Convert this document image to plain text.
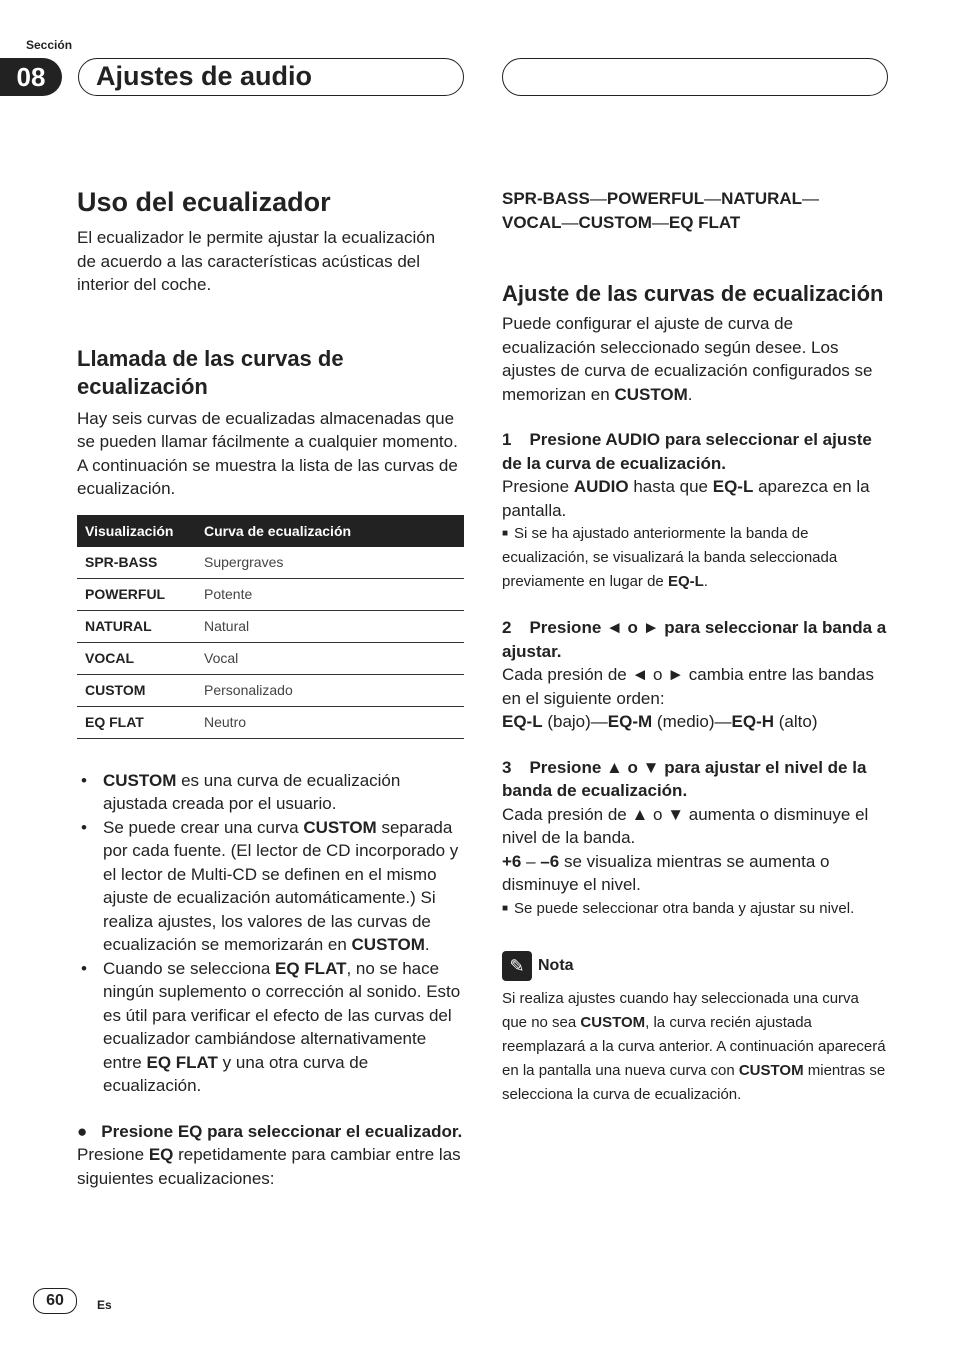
Sección
08	Ajustes de audio
Uso del ecualizador

El ecualizador le permite ajustar la ecualización de acuerdo a las características acústicas del interior del coche.

Llamada de las curvas de ecualización

Hay seis curvas de ecualizadas almacenadas que se pueden llamar fácilmente a cualquier momento. A continuación se muestra la lista de las curvas de ecualización.

Visualización	Curva de ecualización
SPR-BASS	Supergraves
POWERFUL	Potente
NATURAL	Natural
VOCAL	Vocal
CUSTOM	Personalizado
EQ FLAT	Neutro
• CUSTOM es una curva de ecualización ajustada creada por el usuario.
• Se puede crear una curva CUSTOM separada por cada fuente. (El lector de CD incorporado y el lector de Multi-CD se definen en el mismo ajuste de ecualización automáticamente.) Si realiza ajustes, los valores de las curvas de ecualización se memorizarán en CUSTOM.
• Cuando se selecciona EQ FLAT, no se hace ningún suplemento o corrección al sonido. Esto es útil para verificar el efecto de las curvas del ecualizador cambiándose alternativamente entre EQ FLAT y una otra curva de ecualización.
● Presione EQ para seleccionar el ecualizador.

Presione EQ repetidamente para cambiar entre las siguientes ecualizaciones:

SPR-BASS—POWERFUL—NATURAL—
VOCAL—CUSTOM—EQ FLAT

Ajuste de las curvas de ecualización

Puede configurar el ajuste de curva de ecualización seleccionado según desee. Los ajustes de curva de ecualización configurados se memorizan en CUSTOM.

1 Presione AUDIO para seleccionar el ajuste de la curva de ecualización.

Presione AUDIO hasta que EQ-L aparezca en la pantalla.

■ Si se ha ajustado anteriormente la banda de ecualización, se visualizará la banda seleccionada previamente en lugar de EQ-L.

2 Presione ◄ o ► para seleccionar la banda a ajustar.

Cada presión de ◄ o ► cambia entre las bandas en el siguiente orden:

EQ-L (bajo)—EQ-M (medio)—EQ-H (alto)

3 Presione ▲ o ▼ para ajustar el nivel de la banda de ecualización.

Cada presión de ▲ o ▼ aumenta o disminuye el nivel de la banda.

+6 – –6 se visualiza mientras se aumenta o disminuye el nivel.

■ Se puede seleccionar otra banda y ajustar su nivel.

✎ Nota

Si realiza ajustes cuando hay seleccionada una curva que no sea CUSTOM, la curva recién ajustada reemplazará a la curva anterior. A continuación aparecerá en la pantalla una nueva curva con CUSTOM mientras se selecciona la curva de ecualización.

60	Es
